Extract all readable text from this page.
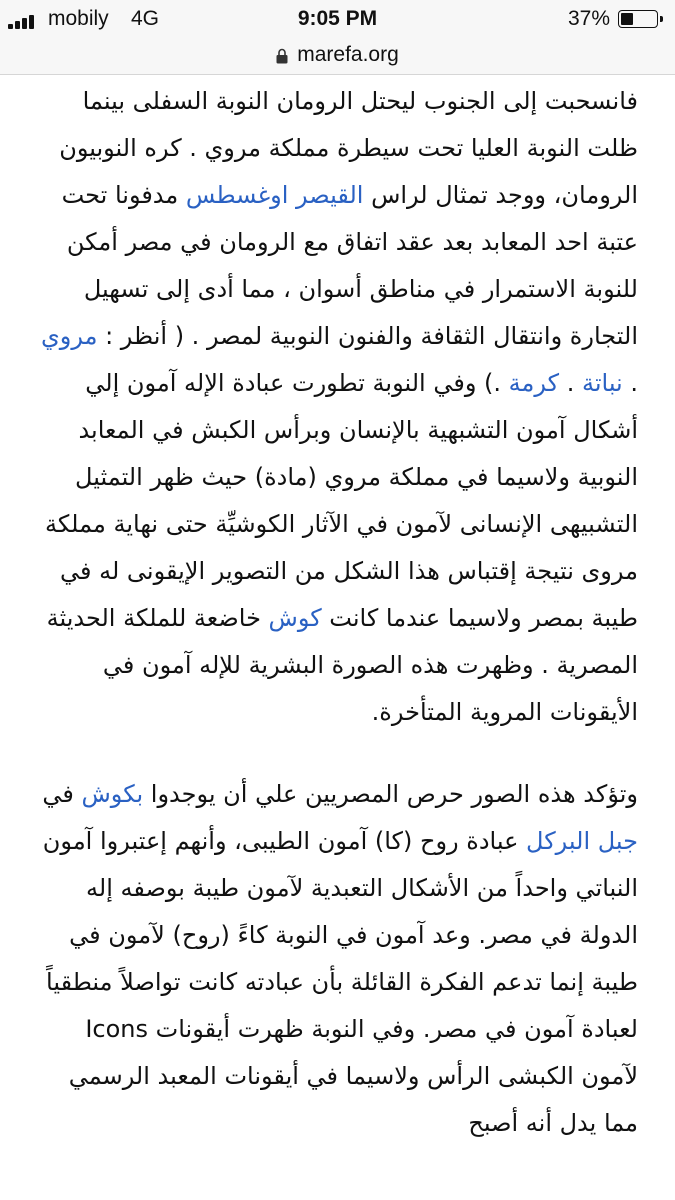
mobily 4G	9:05 PM	37%
marefa.org

فانسحبت إلى الجنوب ليحتل الرومان النوبة السفلى بينما ظلت النوبة العليا تحت سيطرة مملكة مروي . كره النوبيون الرومان، ووجد تمثال لراس القيصر اوغسطس مدفونا تحت عتبة احد المعابد بعد عقد اتفاق مع الرومان في مصر أمكن للنوبة الاستمرار في مناطق أسوان ، مما أدى إلى تسهيل التجارة وانتقال الثقافة والفنون النوبية لمصر . ( أنظر : مروي . نباتة . كرمة .) وفي النوبة تطورت عبادة الإله آمون إلي أشكال آمون التشبهية بالإنسان وبرأس الكبش في المعابد النوبية ولاسيما في مملكة مروي (مادة) حيث ظهر التمثيل التشبيهى الإنسانى لآمون في الآثار الكوشيِّة حتى نهاية مملكة مروى نتيجة إقتباس هذا الشكل من التصوير الإيقونى له في طيبة بمصر ولاسيما عندما كانت كوش خاضعة للملكة الحديثة المصرية . وظهرت هذه الصورة البشرية للإله آمون في الأيقونات المروية المتأخرة.

وتؤكد هذه الصور حرص المصريين علي أن يوجدوا بكوش في جبل البركل عبادة روح (كا) آمون الطيبى، وأنهم إعتبروا آمون النباتي واحداً من الأشكال التعبدية لآمون طيبة بوصفه إله الدولة في مصر. وعد آمون في النوبة كاءً (روح) لآمون في طيبة إنما تدعم الفكرة القائلة بأن عبادته كانت تواصلاً منطقياً لعبادة آمون في مصر. وفي النوبة ظهرت أيقونات Icons لآمون الكبشى الرأس ولاسيما في أيقونات المعبد الرسمي مما يدل أنه أصبح
